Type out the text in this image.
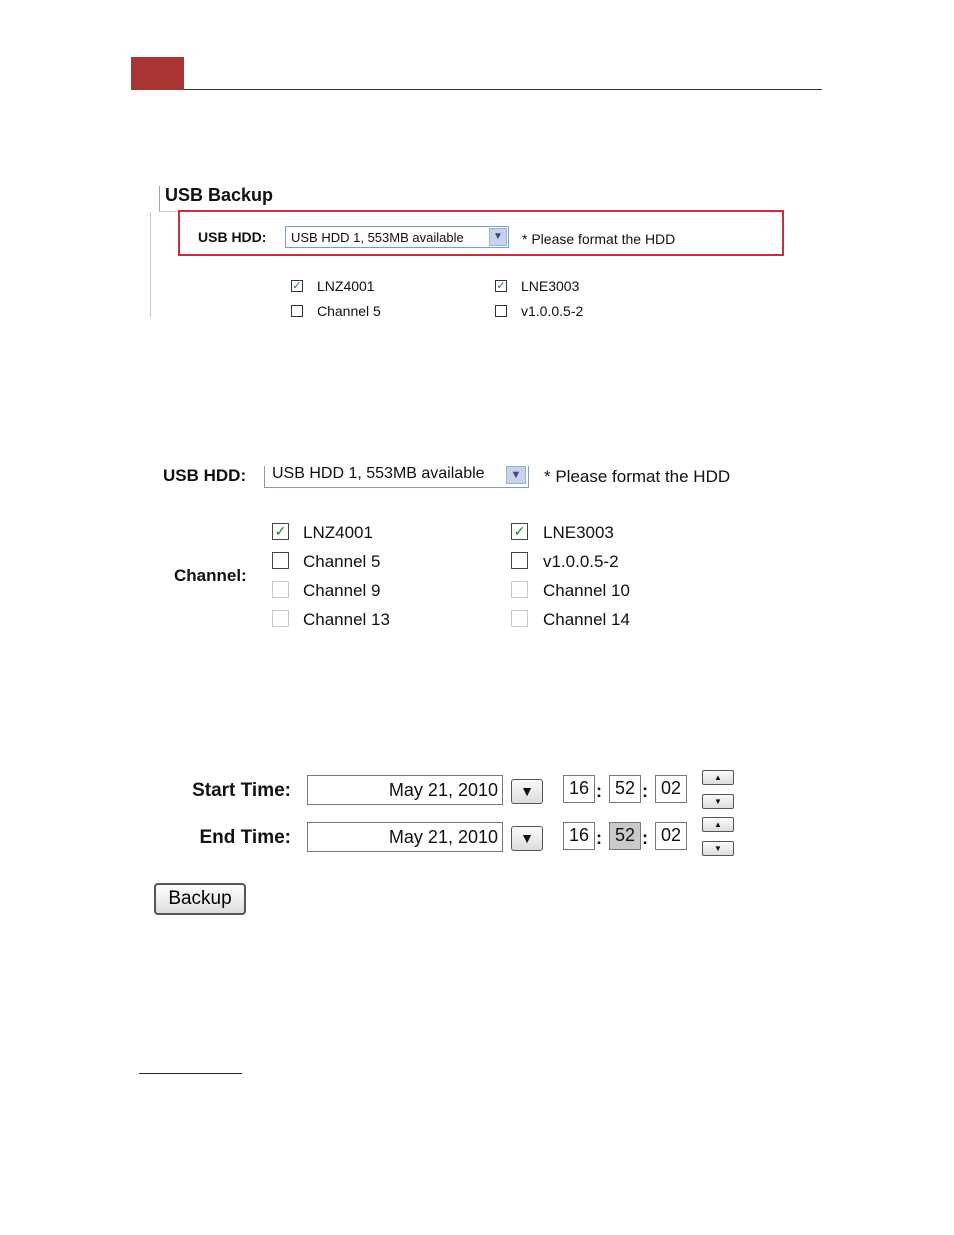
USB Backup
USB HDD: USB HDD 1, 553MB available	▼ * Please format the HDD
✓ LNZ4001	✓ LNE3003
Channel 5	v1.0.0.5-2
USB HDD: USB HDD 1, 553MB available	▼ * Please format the HDD
Channel:
✓ LNZ4001	✓ LNE3003
Channel 5	v1.0.0.5-2
Channel 9	Channel 10
Channel 13	Channel 14
Start Time:	May 21, 2010	▼	16 : 52 : 02
▲
▼
End Time:	May 21, 2010	▼	16 : 52 : 02
▲
▼
Backup
